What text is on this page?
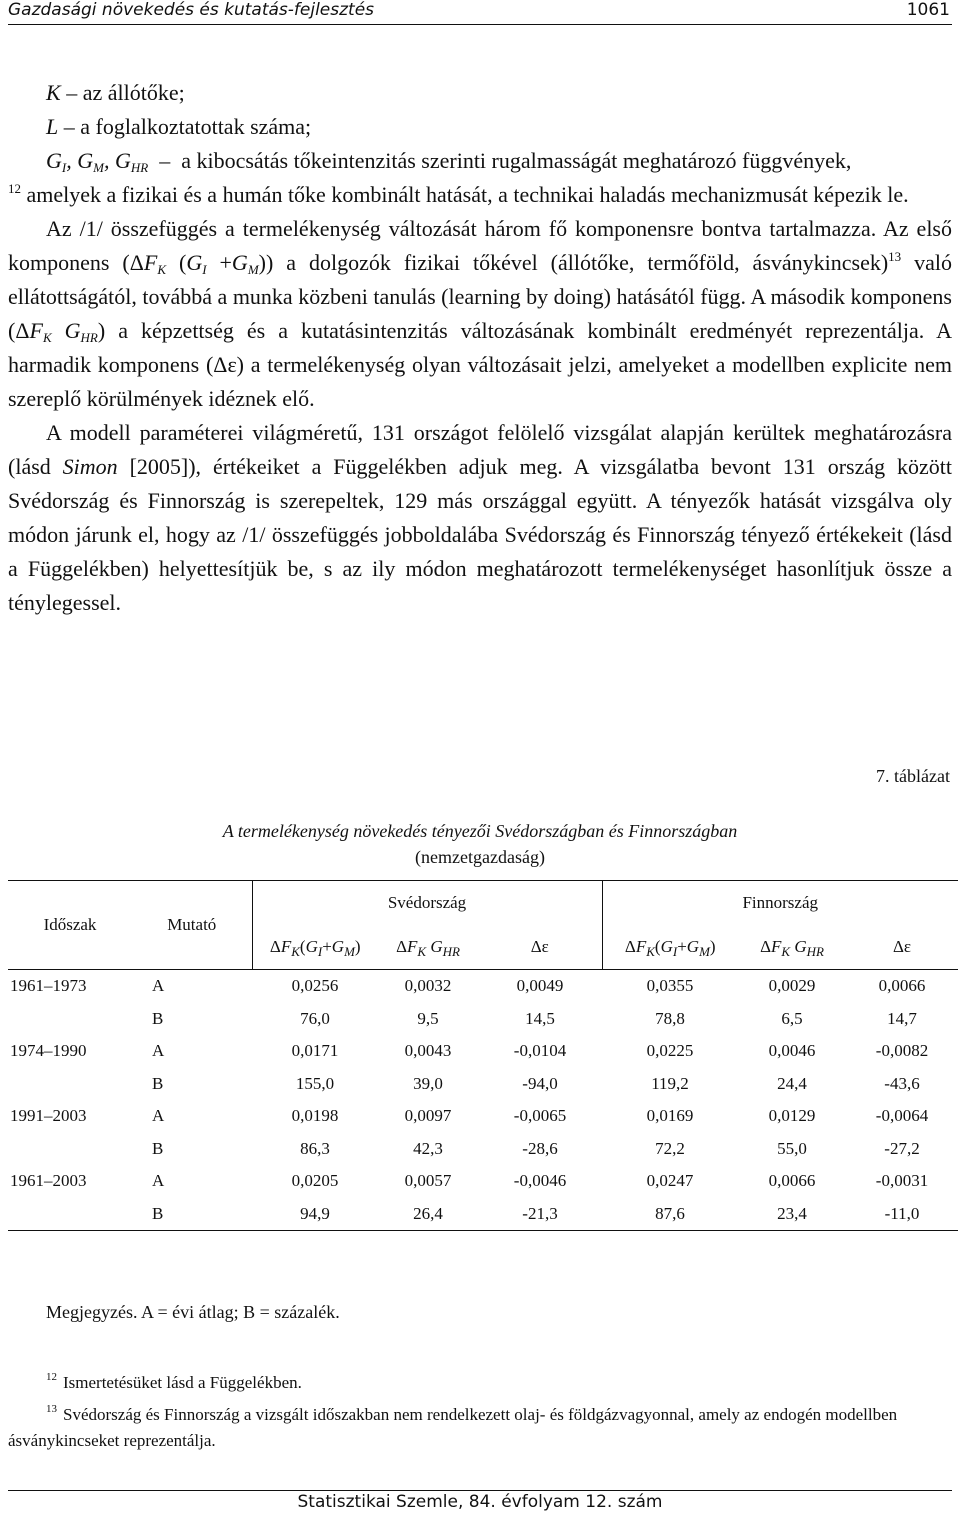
Gazdasági növekedés és kutatás-fejlesztés	1061
K – az állótőke;
L – a foglalkoztatottak száma;
$G_I$, $G_M$, $G_{HR}$  –  a kibocsátás tőkeintenzitás szerinti rugalmasságát meghatározó függvények,

$^{12}$ amelyek a fizikai és a humán tőke kombinált hatását, a technikai haladás mechanizmusát képezik le.

Az /1/ összefüggés a termelékenység változását három fő komponensre bontva tartalmazza. Az első komponens ($\Delta F_K$ $(G_I +G_M)$) a dolgozók fizikai tőkével (állótőke, termőföld, ásványkincsek)$^{13}$ való ellátottságától, továbbá a munka közbeni tanulás (learning by doing) hatásától függ. A második komponens ($\Delta F_K$ $G_{HR}$) a képzettség és a kutatásintenzitás változásának kombinált eredményét reprezentálja. A harmadik komponens (Δε) a termelékenység olyan változásait jelzi, amelyeket a modellben explicite nem szereplő körülmények idéznek elő.

A modell paraméterei világméretű, 131 országot felölelő vizsgálat alapján kerültek meghatározásra (lásd Simon [2005]), értékeiket a Függelékben adjuk meg. A vizsgálatba bevont 131 ország között Svédország és Finnország is szerepeltek, 129 más országgal együtt. A tényezők hatását vizsgálva oly módon járunk el, hogy az /1/ összefüggés jobboldalába Svédország és Finnország tényező értékekeit (lásd a Függelékben) helyettesítjük be, s az ily módon meghatározott termelékenységet hasonlítjuk össze a ténylegessel.

7. táblázat
A termelékenység növekedés tényezői Svédországban és Finnországban
(nemzetgazdaság)
Időszak	Mutató	Svédország			Finnország		
		$\Delta F_K(G_I+G_M)$	$\Delta F_K$ $G_{HR}$	Δε	$\Delta F_K(G_I+G_M)$	$\Delta F_K$ $G_{HR}$	Δε
1961–1973	A	0,0256	0,0032	0,0049	0,0355	0,0029	0,0066
	B	76,0	9,5	14,5	78,8	6,5	14,7
1974–1990	A	0,0171	0,0043	-0,0104	0,0225	0,0046	-0,0082
	B	155,0	39,0	-94,0	119,2	24,4	-43,6
1991–2003	A	0,0198	0,0097	-0,0065	0,0169	0,0129	-0,0064
	B	86,3	42,3	-28,6	72,2	55,0	-27,2
1961–2003	A	0,0205	0,0057	-0,0046	0,0247	0,0066	-0,0031
	B	94,9	26,4	-21,3	87,6	23,4	-11,0
Megjegyzés. A = évi átlag; B = százalék.

$^{12}$ Ismertetésüket lásd a Függelékben.

$^{13}$ Svédország és Finnország a vizsgált időszakban nem rendelkezett olaj- és földgázvagyonnal, amely az endogén modellben ásványkincseket reprezentálja.

Statisztikai Szemle, 84. évfolyam 12. szám
